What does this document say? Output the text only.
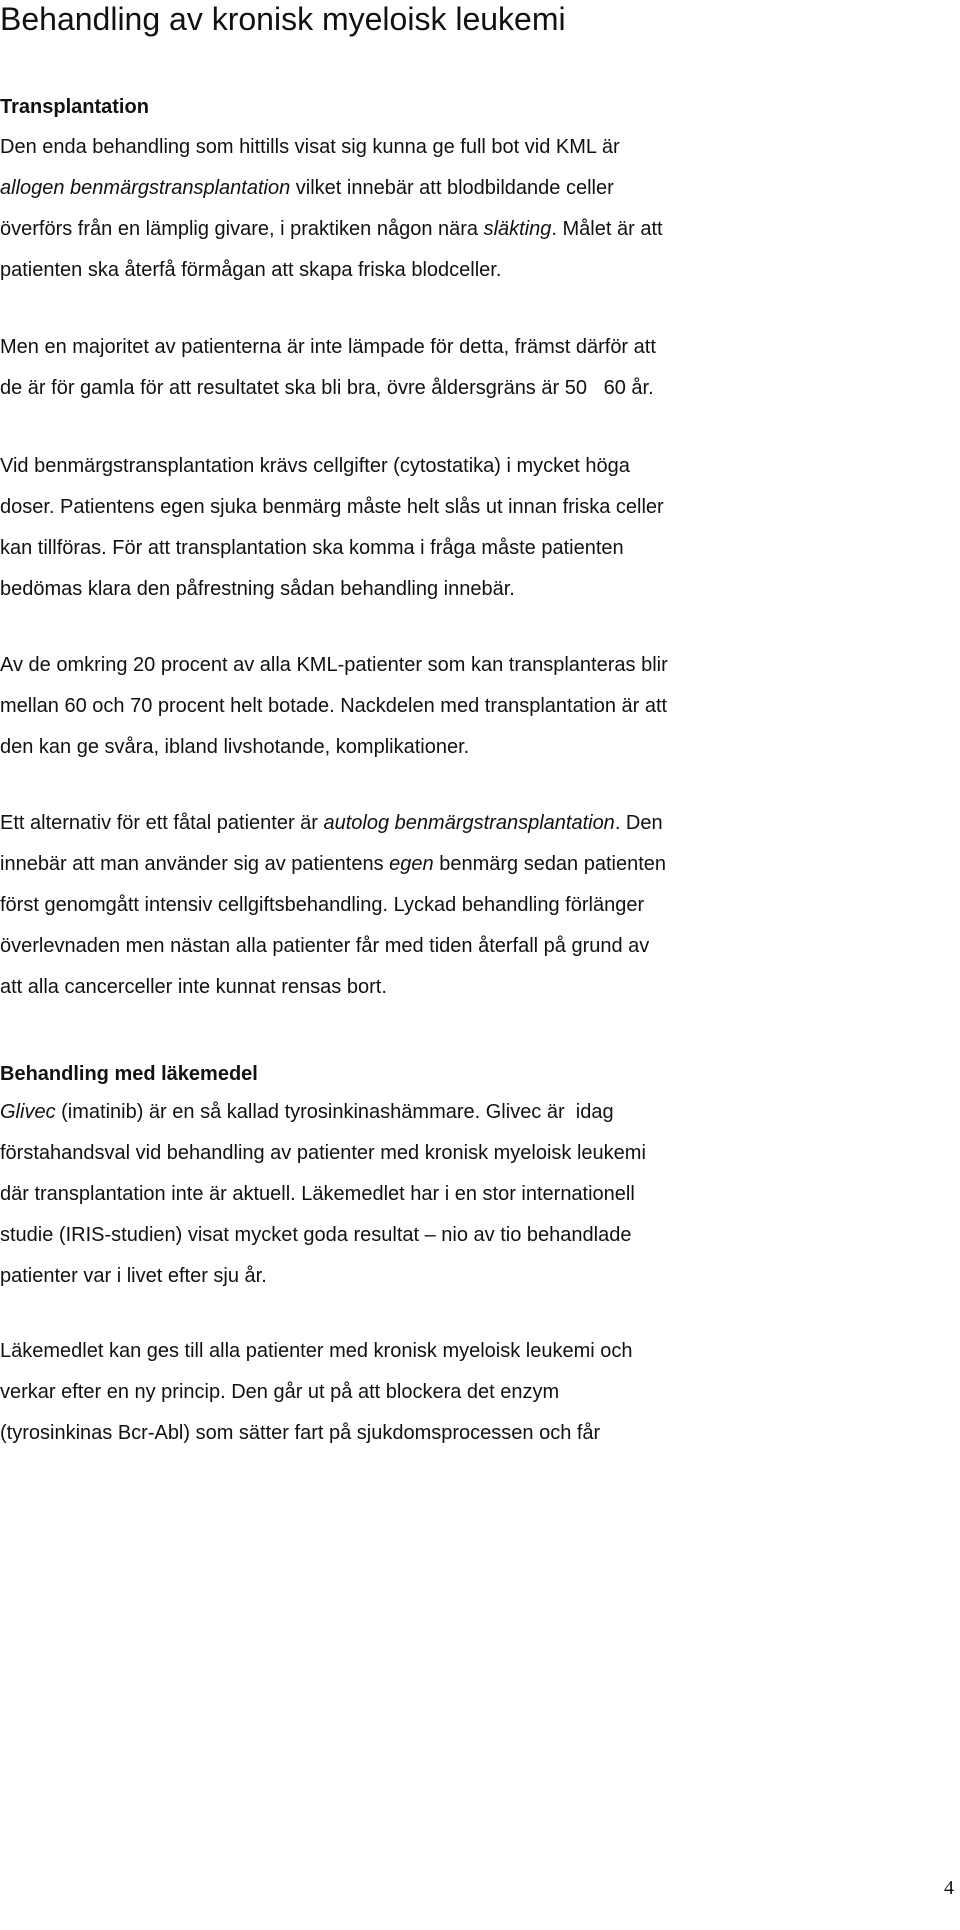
Behandling av kronisk myeloisk leukemi
Transplantation
Den enda behandling som hittills visat sig kunna ge full bot vid KML är
allogen benmärgstransplantation vilket innebär att blodbildande celler
överförs från en lämplig givare, i praktiken någon nära släkting. Målet är att
patienten ska återfå förmågan att skapa friska blodceller.
Men en majoritet av patienterna är inte lämpade för detta, främst därför att
de är för gamla för att resultatet ska bli bra, övre åldersgräns är 50   60 år.
Vid benmärgstransplantation krävs cellgifter (cytostatika) i mycket höga
doser. Patientens egen sjuka benmärg måste helt slås ut innan friska celler
kan tillföras. För att transplantation ska komma i fråga måste patienten
bedömas klara den påfrestning sådan behandling innebär.
Av de omkring 20 procent av alla KML-patienter som kan transplanteras blir
mellan 60 och 70 procent helt botade. Nackdelen med transplantation är att
den kan ge svåra, ibland livshotande, komplikationer.
Ett alternativ för ett fåtal patienter är autolog benmärgstransplantation. Den
innebär att man använder sig av patientens egen benmärg sedan patienten
först genomgått intensiv cellgiftsbehandling. Lyckad behandling förlänger
överlevnaden men nästan alla patienter får med tiden återfall på grund av
att alla cancerceller inte kunnat rensas bort.
Behandling med läkemedel
Glivec (imatinib) är en så kallad tyrosinkinashämmare. Glivec är  idag
förstahandsval vid behandling av patienter med kronisk myeloisk leukemi
där transplantation inte är aktuell. Läkemedlet har i en stor internationell
studie (IRIS-studien) visat mycket goda resultat – nio av tio behandlade
patienter var i livet efter sju år.
Läkemedlet kan ges till alla patienter med kronisk myeloisk leukemi och
verkar efter en ny princip. Den går ut på att blockera det enzym
(tyrosinkinas Bcr-Abl) som sätter fart på sjukdomsprocessen och får
4
